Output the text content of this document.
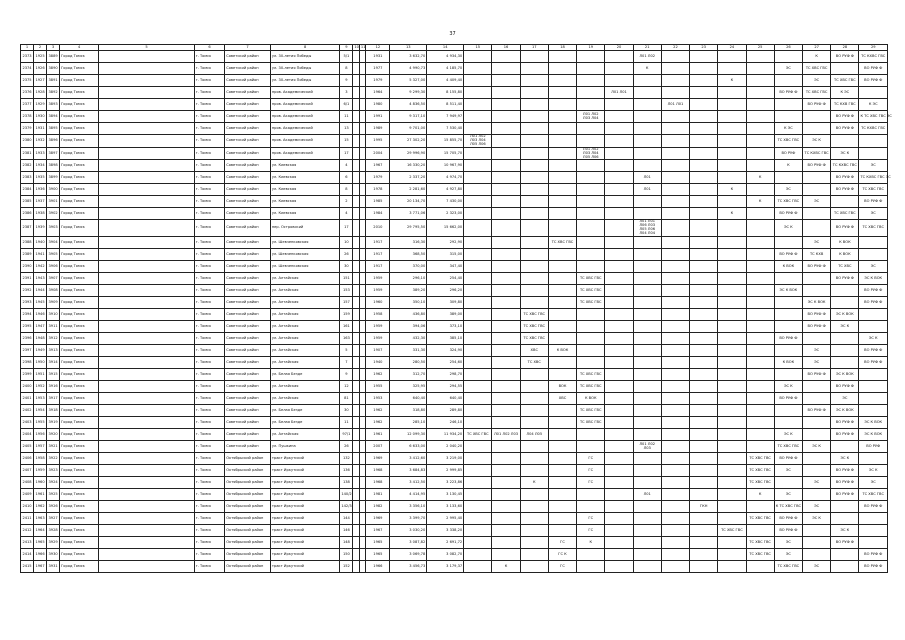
37
1	2	3	4	5	6	7	8	9	10	11	12	13	14	15	16	17	18	19	20	21	22	23	24	25	26	27	28	29
2373	1925	3889	Город Томск		г. Томск	Советский район	ул. 30-летия Победы	5/1			1931	3 632,70	4 934,30							Л01 Л02						К	ВО РУФ Ф	ТС КХВС ГВС
2374	1926	3890	Город Томск		г. Томск	Советский район	ул. 30-летия Победы	8			1977	4 990,73	4 185,70							К					ЭС	ТС ХВС ГВС		ВО РУФ Ф
2375	1927	3891	Город Томск		г. Томск	Советский район	ул. 30-летия Победы	9			1979	5 327,00	4 409,40										К			ЭС	ТС ХВС ГВС	ВО РУФ Ф
2376	1928	3892	Город Томск		г. Томск	Советский район	пров. Академический	3			1964	9 299,30	8 155,80						Л01 Л01						ВО РУФ Ф	ТС ХВС ГВС	К ЭС	
2377	1929	3893	Город Томск		г. Томск	Советский район	пров. Академический	6/1			1980	4 836,50	8 511,40								Л01 Л01					ВО РУФ Ф	ТС КХВ ГВС	К ЭС
2378	1930	3894	Город Томск		г. Томск	Советский район	пров. Академический	11			1991	9 317,10	7 949,97					Л01 Л02
Л03 Л04									ВО РУФ Ф	К ТС ХВС ГВС ЭС
2379	1931	3895	Город Томск		г. Томск	Советский район	пров. Академический	13			1989	9 701,00	7 530,40												К ЭС		ВО РУФ Ф	ТС КХВС ГВС
2380	1932	3896	Город Томск		г. Томск	Советский район	пров. Академический	15			1995	27 302,20	15 855,70	Л01 Л02
Л03 Л04
Л05 Л06											ТС ХВС ГВС	ЭС К		
2381	1933	3897	Город Томск		г. Томск	Советский район	пров. Академический	17			2004	29 996,90	15 705,70					Л01 Л02
Л03 Л04
Л05 Л06							ВО РУФ	ТС КХВС ГВС	ЭС К	
2382	1934	3898	Город Томск		г. Томск	Советский район	ул. Киевская	4			1967	16 330,20	10 967,90												К	ВО РУФ Ф	ТС КХВС ГВС	ЭС
2383	1935	3899	Город Томск		г. Томск	Советский район	ул. Киевская	6			1979	2 337,20	4 974,70							Л01				К			ВО РУФ Ф	ТС КХВС ГВС ЭС
2384	1936	3900	Город Томск		г. Томск	Советский район	ул. Киевская	8			1978	2 281,60	4 927,80							Л01			К		ЭС		ВО РУФ Ф	ТС ХВС ГВС
2385	1937	3901	Город Томск		г. Томск	Советский район	ул. Киевская	2			1985	20 134,70	7 430,00											К	ТС ХВС ГВС	ЭС		ВО РУФ Ф
2386	1938	3902	Город Томск		г. Томск	Советский район	ул. Киевская	4			1984	3 771,06	2 323,00										К		ВО РУФ Ф		ТС ХВС ГВС	ЭС
2387	1939	3903	Город Томск		г. Томск	Советский район	пер. Островский	17			2010	29 795,50	15 662,00							Л01 Л01
Л06 Л03
Л05 Л06
Л04 Л04					ЭС К		ВО РУФ Ф	ТС ХВС ГВС
2388	1940	3904	Город Томск		г. Томск	Советский район	ул. Шевченковская	10			1917	316,30	292,90				ТС ХВС ГВС									ЭС	К ВОК	
2389	1941	3905	Город Томск		г. Томск	Советский район	ул. Шевченковская	26			1917	368,50	315,00												ВО РУФ Ф	ТС КХВ	К ВОК	
2390	1942	3906	Город Томск		г. Томск	Советский район	ул. Шевченковская	30			1917	370,00	347,40												К ВОК	ВО РУФ Ф	ТС ХВС	ЭС
2391	1943	3907	Город Томск		г. Томск	Советский район	ул. Алтайская	151			1959	296,10	254,40					ТС ХВС ГВС									ВО РУФ Ф	ЭС К ВОК
2392	1944	3908	Город Томск		г. Томск	Советский район	ул. Алтайская	153			1959	389,20	296,20					ТС ХВС ГВС							ЭС К ВОК			ВО РУФ Ф
2393	1945	3909	Город Томск		г. Томск	Советский район	ул. Алтайская	157			1960	350,10	309,80					ТС ХВС ГВС								ЭС К ВОК		ВО РУФ Ф
2394	1946	3910	Город Томск		г. Томск	Советский район	ул. Алтайская	159			1958	436,80	389,00			ТС ХВС ГВС										ВО РУФ Ф	ЭС К ВОК	
2395	1947	3911	Город Томск		г. Томск	Советский район	ул. Алтайская	161			1959	394,06	373,10			ТС ХВС ГВС										ВО РУФ Ф	ЭС К	
2396	1948	3912	Город Томск		г. Томск	Советский район	ул. Алтайская	163			1959	432,30	385,10			ТС ХВС ГВС									ВО РУФ Ф			ЭС К
2397	1949	3913	Город Томск		г. Томск	Советский район	ул. Алтайская	5			1907	331,30	324,90			ХВС	К ВОК									ЭС		ВО РУФ Ф
2398	1950	3914	Город Томск		г. Томск	Советский район	ул. Алтайская	7			1940	280,50	254,60			ТС ХВС									К ВОК	ЭС		ВО РУФ Ф
2399	1951	3915	Город Томск		г. Томск	Советский район	ул. Белая Безде	9			1962	312,70	298,70					ТС ХВС ГВС								ВО РУФ Ф	ЭС К ВОК	
2400	1952	3916	Город Томск		г. Томск	Советский район	ул. Алтайская	12			1955	325,95	294,55				ВОК	ТС ХВС ГВС							ЭС К		ВО РУФ Ф	
2401	1953	3917	Город Томск		г. Томск	Советский район	ул. Алтайская	81			1953	640,40	640,40				ХВС	К ВОК							ВО РУФ Ф		ЭС	
2402	1954	3918	Город Томск		г. Томск	Советский район	ул. Белая Безде	30			1962	318,80	289,80					ТС ХВС ГВС								ВО РУФ Ф	ЭС К ВОК	
2403	1955	3919	Город Томск		г. Томск	Советский район	ул. Белая Безде	11			1962	285,10	246,10					ТС ХВС ГВС									ВО РУФ Ф	ЭС К ВОК
2404	1956	3920	Город Томск		г. Томск	Советский район	ул. Алтайская	97/1			1961	12 099,30	11 934,20	ТС ХВС ГВС	Л01 Л02 Л03	Л04 Л05									ЭС К		ВО РУФ Ф	ЭС К ВОК
2405	1957	3921	Город Томск		г. Томск	Советский район	ул. Пушкина	26			2007	6 633,00	2 040,20							Л01 Л02
Л03					ТС ХВС ГВС	ЭС К		ВО РУФ
2406	1958	3922	Город Томск		г. Томск	Октябрьский район	тракт Иркутский	132			1969	3 412,60	3 219,00					ГС						ТС ХВС ГВС	ВО РУФ Ф		ЭС К	
2407	1959	3923	Город Томск		г. Томск	Октябрьский район	тракт Иркутский	136			1968	3 684,83	2 999,85					ГС						ТС ХВС ГВС	ЭС		ВО РУФ Ф	ЭС К
2408	1960	3924	Город Томск		г. Томск	Октябрьский район	тракт Иркутский	138			1968	3 412,50	3 223,86			К		ГС						ТС ХВС ГВС		ЭС	ВО РУФ Ф	ЭС
2409	1961	3925	Город Томск		г. Томск	Октябрьский район	тракт Иркутский	140/2			1981	4 414,95	3 130,45							Л01				К	ЭС		ВО РУФ Ф	ТС ХВС ГВС
2410	1962	3926	Город Томск		г. Томск	Октябрьский район	тракт Иркутский	142/3			1982	3 356,10	3 133,60									ГКН			К ТС ХВС ГВС	ЭС		ВО РУФ Ф
2411	1963	3927	Город Томск		г. Томск	Октябрьский район	тракт Иркутский	144			1969	3 399,70	2 995,40					ГС						ТС ХВС ГВС	ВО РУФ Ф	ЭС К		
2412	1964	3928	Город Томск		г. Томск	Октябрьский район	тракт Иркутский	146			1967	3 030,20	3 338,20					ГС					ТС ХВС ГВС		ВО РУФ Ф		ЭС К	
2413	1965	3929	Город Томск		г. Томск	Октябрьский район	тракт Иркутский	148			1965	3 087,82	2 691,72				ГС	К						ТС ХВС ГВС	ЭС		ВО РУФ Ф	
2414	1966	3930	Город Томск		г. Томск	Октябрьский район	тракт Иркутский	150			1965	3 069,78	3 082,70				ГС К							ТС ХВС ГВС	ЭС			ВО РУФ Ф
2415	1967	3931	Город Томск		г. Томск	Октябрьский район	тракт Иркутский	152			1966	3 456,73	3 179,37		К		ГС								ТС ХВС ГВС	ЭС		ВО РУФ Ф
